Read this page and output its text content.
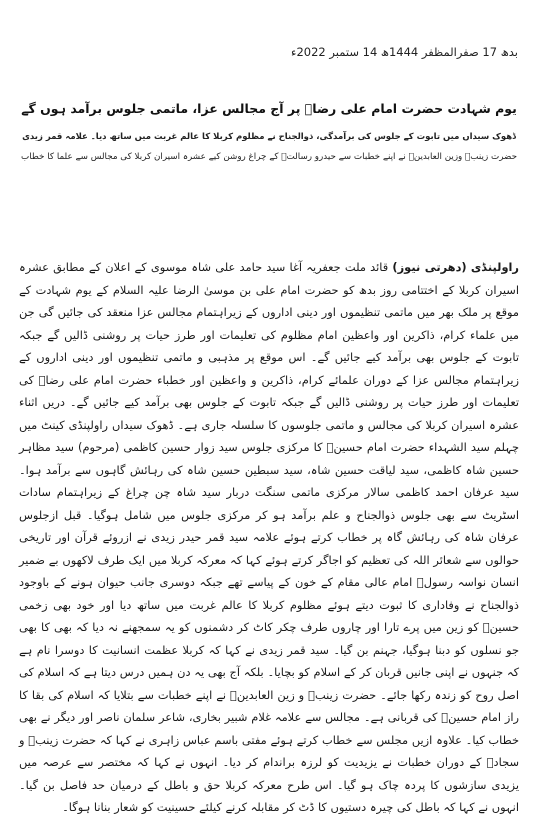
بدھ 17 صفرالمظفر 1444ھ 14 ستمبر 2022ء
یوم شہادت حضرت امام علی رضاؑ پر آج مجالس عزا، ماتمی جلوس برآمد ہوں گے
ڈھوک سیداں میں تابوت کے جلوس کی برآمدگی، ذوالجناح نے مظلوم کربلا کا عالم غربت میں ساتھ دیا۔ علامہ قمر زیدی
حضرت زینبؑ وزین العابدینؑ نے اپنے خطبات سے حیدرو رسالتؐ کے چراغ روشن کیے عشرہ اسیران کربلا کی مجالس سے علما کا خطاب
راولپنڈی (دھرتی نیوز) قائد ملت جعفریہ آغا سید حامد علی شاہ موسوی کے اعلان کے مطابق عشرہ اسیران کربلا کے اختتامی روز بدھ کو حضرت امام علی بن موسیٰ الرضا علیہ السلام کے یوم شہادت کے موقع پر ملک بھر میں ماتمی تنظیموں اور دینی اداروں کے زیراہتمام مجالس عزا منعقد کی جائیں گی جن میں علماء کرام، ذاکرین اور واعظین امام مظلوم کی تعلیمات اور طرز حیات پر روشنی ڈالیں گے جبکہ تابوت کے جلوس بھی برآمد کیے جائیں گے۔ اس موقع پر مذہبی و ماتمی تنظیموں اور دینی اداروں کے زیراہتمام مجالس عزا کے دوران علمائے کرام، ذاکرین و واعظین اور خطباء حضرت امام علی رضاؑ کی تعلیمات اور طرز حیات پر روشنی ڈالیں گے جبکہ تابوت کے جلوس بھی برآمد کیے جائیں گے۔ دریں اثناء عشرہ اسیران کربلا کی مجالس و ماتمی جلوسوں کا سلسلہ جاری ہے۔ ڈھوک سیداں راولپنڈی کینٹ میں چہلم سید الشہداء حضرت امام حسینؑ کا مرکزی جلوس سید زوار حسین کاظمی (مرحوم) سید مظاہر حسین شاہ کاظمی، سید لیاقت حسین شاہ، سید سبطین حسین شاہ کی رہائش گاہوں سے برآمد ہوا۔ سید عرفان احمد کاظمی سالار مرکزی ماتمی سنگت دربار سید شاہ چن چراغ کے زیراہتمام سادات اسٹریٹ سے بھی جلوس ذوالجناح و علم برآمد ہو کر مرکزی جلوس میں شامل ہوگیا۔ قبل ازجلوس عرفان شاہ کی رہائش گاہ پر خطاب کرتے ہوئے علامہ سید قمر حیدر زیدی نے ازروئے قرآن اور تاریخی حوالوں سے شعائر اللہ کی تعظیم کو اجاگر کرتے ہوئے کہا کہ معرکہ کربلا میں ایک طرف لاکھوں بے ضمیر انسان نواسہ رسولؐ امام عالی مقام کے خون کے پیاسے تھے جبکہ دوسری جانب حیوان ہونے کے باوجود ذوالجناح نے وفاداری کا ثبوت دیتے ہوئے مظلوم کربلا کا عالم غربت میں ساتھ دیا اور خود بھی زخمی حسینؑ کو زین میں پرے تارا اور چاروں طرف چکر کاٹ کر دشمنوں کو یہ سمجھنے نہ دیا کہ بھی کا بھی جو نسلوں کو دبنا ہوگیا، جہنم بن گیا۔ سید قمر زیدی نے کہا کہ کربلا عظمت انسانیت کا دوسرا نام ہے کہ جنہوں نے اپنی جانیں قربان کر کے اسلام کو بچایا۔ بلکہ آج بھی یہ دن ہمیں درس دیتا ہے کہ اسلام کی اصل روح کو زندہ رکھا جائے۔ حضرت زینبؑ و زین العابدینؑ نے اپنے خطبات سے بتلایا کہ اسلام کی بقا کا راز امام حسینؑ کی قربانی ہے۔ مجالس سے علامہ غلام شبیر بخاری، شاعر سلمان ناصر اور دیگر نے بھی خطاب کیا۔ علاوہ ازیں مجلس سے خطاب کرتے ہوئے مفتی باسم عباس زاہری نے کہا کہ حضرت زینبؑ و سجادؑ کے دوران خطبات نے یزیدیت کو لرزہ براندام کر دیا۔ انہوں نے کہا کہ مختصر سے عرصہ میں یزیدی سازشوں کا پردہ چاک ہو گیا۔ اس طرح معرکہ کربلا حق و باطل کے درمیان حد فاصل بن گیا۔ انہوں نے کہا کہ باطل کی چیرہ دستیوں کا ڈٹ کر مقابلہ کرنے کیلئے حسینیت کو شعار بنانا ہوگا۔
